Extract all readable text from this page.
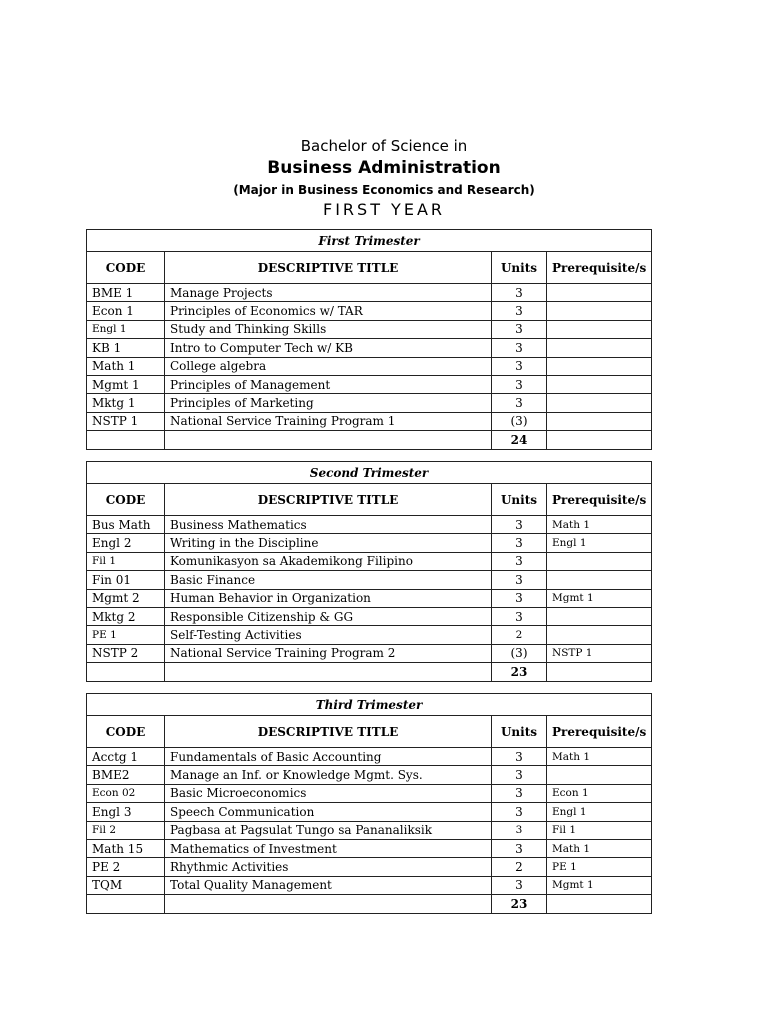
Bachelor of Science in
Business Administration
(Major in Business Economics and Research)
FIRST YEAR
First Trimester			
CODE	DESCRIPTIVE TITLE	Units	Prerequisite/s
BME 1	Manage Projects	3	
Econ 1	Principles of Economics w/ TAR	3	
Engl 1	Study and Thinking Skills	3	
KB 1	Intro to Computer Tech w/ KB	3	
Math 1	College algebra	3	
Mgmt 1	Principles of Management	3	
Mktg 1	Principles of Marketing	3	
NSTP 1	National Service Training Program 1	(3)	
		24	
Second Trimester			
CODE	DESCRIPTIVE TITLE	Units	Prerequisite/s
Bus Math	Business Mathematics	3	Math 1
Engl 2	Writing in the Discipline	3	Engl 1
Fil 1	Komunikasyon sa Akademikong Filipino	3	
Fin 01	Basic Finance	3	
Mgmt 2	Human Behavior in Organization	3	Mgmt 1
Mktg 2	Responsible Citizenship & GG	3	
PE 1	Self-Testing Activities	2	
NSTP 2	National Service Training Program 2	(3)	NSTP 1
		23	
Third Trimester			
CODE	DESCRIPTIVE TITLE	Units	Prerequisite/s
Acctg 1	Fundamentals of Basic Accounting	3	Math 1
BME2	Manage an Inf. or Knowledge Mgmt. Sys.	3	
Econ 02	Basic Microeconomics	3	Econ 1
Engl 3	Speech Communication	3	Engl 1
Fil 2	Pagbasa at Pagsulat Tungo sa Pananaliksik	3	Fil 1
Math 15	Mathematics of Investment	3	Math 1
PE 2	Rhythmic Activities	2	PE 1
TQM	Total Quality Management	3	Mgmt 1
		23	
